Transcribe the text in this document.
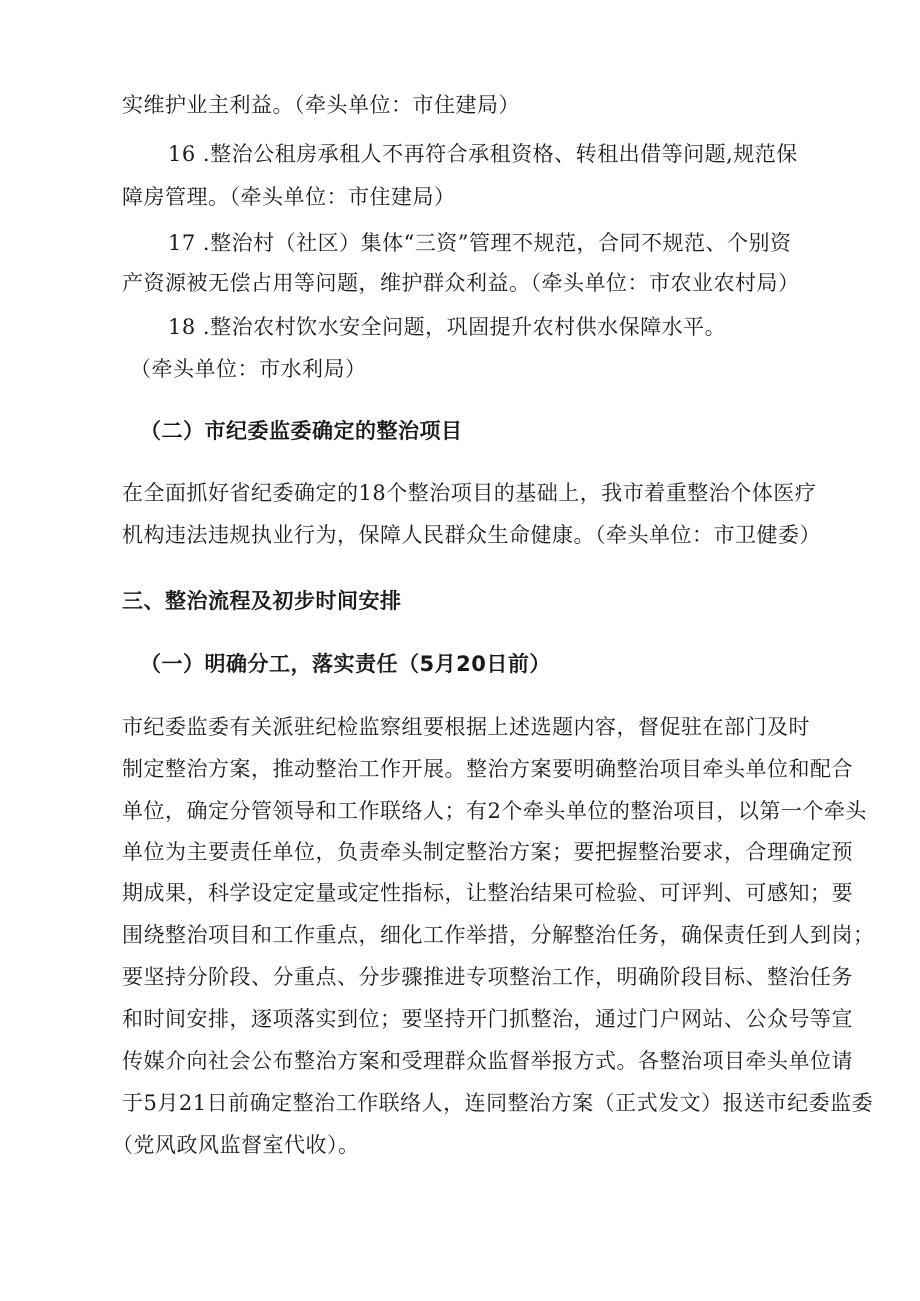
实维护业主利益。（牵头单位：市住建局）
16 .整治公租房承租人不再符合承租资格、转租出借等问题,规范保
障房管理。（牵头单位：市住建局）
17 .整治村（社区）集体“三资”管理不规范，合同不规范、个别资
产资源被无偿占用等问题，维护群众利益。（牵头单位：市农业农村局）
18 .整治农村饮水安全问题，巩固提升农村供水保障水平。
（牵头单位：市水利局）
（二）市纪委监委确定的整治项目
在全面抓好省纪委确定的18个整治项目的基础上，我市着重整治个体医疗
机构违法违规执业行为，保障人民群众生命健康。（牵头单位：市卫健委）
三、整治流程及初步时间安排
（一）明确分工，落实责任（5月20日前）
市纪委监委有关派驻纪检监察组要根据上述选题内容，督促驻在部门及时
制定整治方案，推动整治工作开展。整治方案要明确整治项目牵头单位和配合
单位，确定分管领导和工作联络人；有2个牵头单位的整治项目，以第一个牵头
单位为主要责任单位，负责牵头制定整治方案；要把握整治要求，合理确定预
期成果，科学设定定量或定性指标，让整治结果可检验、可评判、可感知；要
围绕整治项目和工作重点，细化工作举措，分解整治任务，确保责任到人到岗；
要坚持分阶段、分重点、分步骤推进专项整治工作，明确阶段目标、整治任务
和时间安排，逐项落实到位；要坚持开门抓整治，通过门户网站、公众号等宣
传媒介向社会公布整治方案和受理群众监督举报方式。各整治项目牵头单位请
于5月21日前确定整治工作联络人，连同整治方案（正式发文）报送市纪委监委
（党风政风监督室代收）。
